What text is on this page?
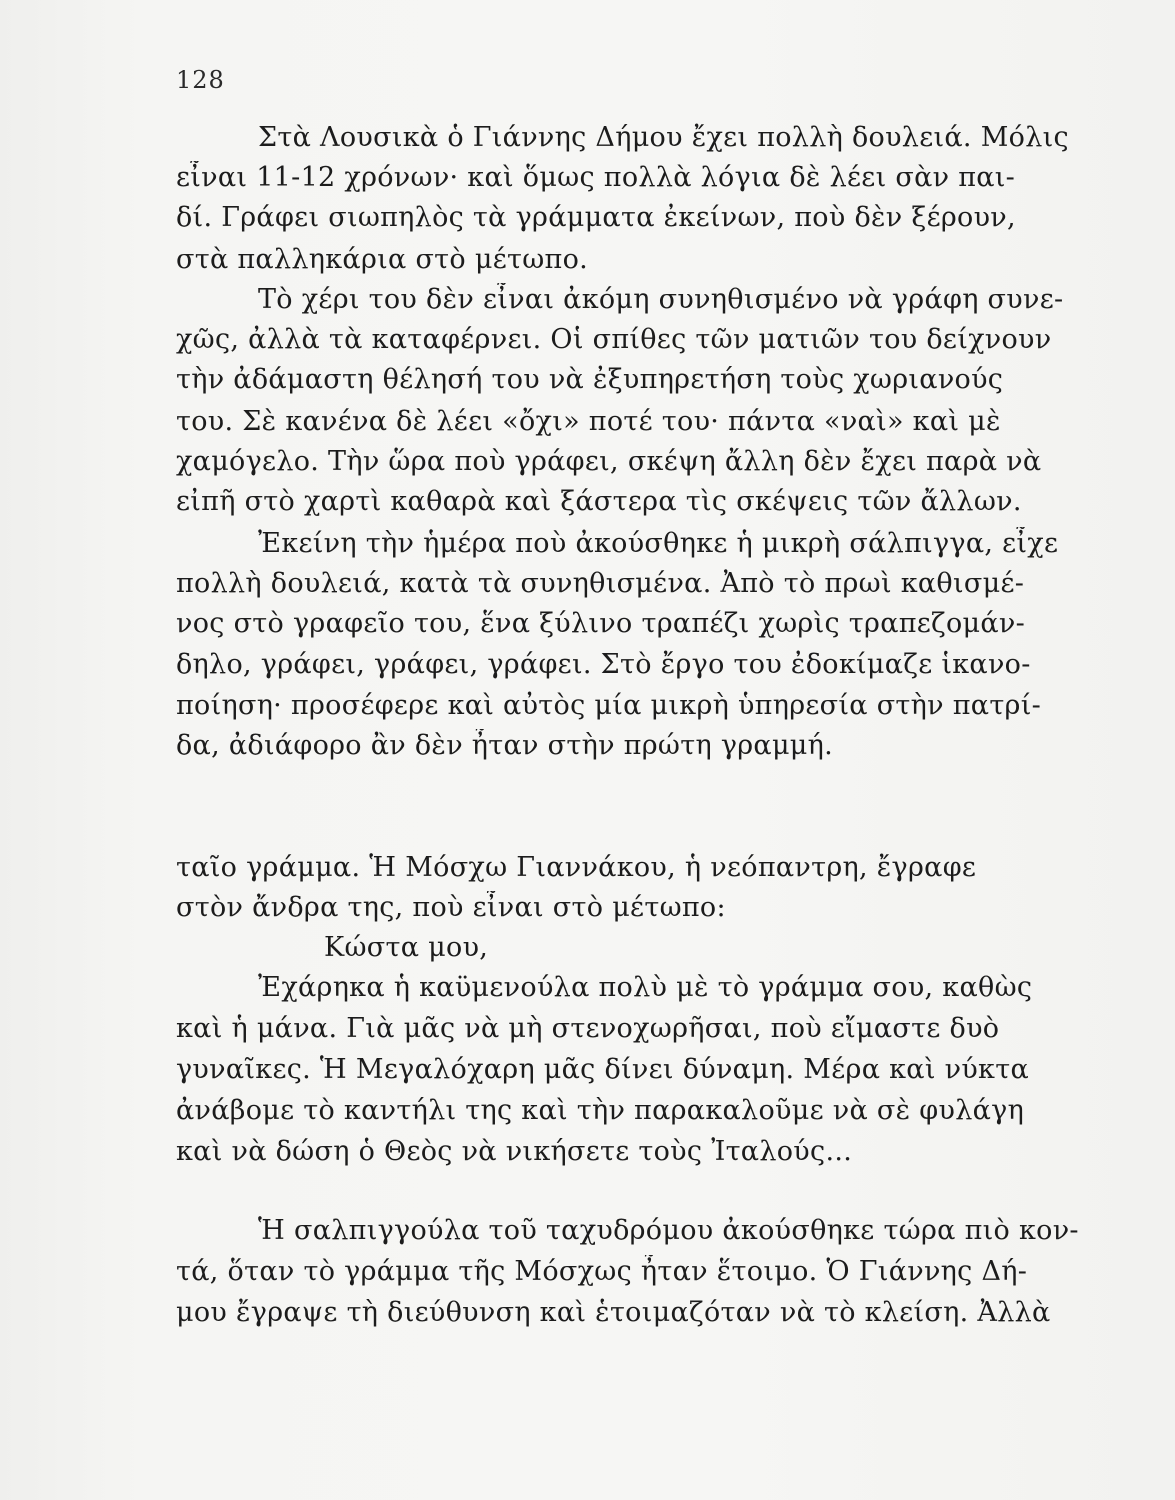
128
Στὰ Λουσικὰ ὁ Γιάννης Δήμου ἔχει πολλὴ δουλειά. Μόλις
εἶναι 11-12 χρόνων· καὶ ὅμως πολλὰ λόγια δὲ λέει σὰν παι-
δί. Γράφει σιωπηλὸς τὰ γράμματα ἐκείνων, ποὺ δὲν ξέρουν,
στὰ παλληκάρια στὸ μέτωπο.
Τὸ χέρι του δὲν εἶναι ἀκόμη συνηθισμένο νὰ γράφη συνε-
χῶς, ἀλλὰ τὰ καταφέρνει. Οἱ σπίθες τῶν ματιῶν του δείχνουν
τὴν ἀδάμαστη θέλησή του νὰ ἐξυπηρετήση τοὺς χωριανούς
του. Σὲ κανένα δὲ λέει «ὄχι» ποτέ του· πάντα «ναὶ» καὶ μὲ
χαμόγελο. Τὴν ὥρα ποὺ γράφει, σκέψη ἄλλη δὲν ἔχει παρὰ νὰ
εἰπῆ στὸ χαρτὶ καθαρὰ καὶ ξάστερα τὶς σκέψεις τῶν ἄλλων.
Ἐκείνη τὴν ἡμέρα ποὺ ἀκούσθηκε ἡ μικρὴ σάλπιγγα, εἶχε
πολλὴ δουλειά, κατὰ τὰ συνηθισμένα. Ἀπὸ τὸ πρωὶ καθισμέ-
νος στὸ γραφεῖο του, ἕνα ξύλινο τραπέζι χωρὶς τραπεζομάν-
δηλο, γράφει, γράφει, γράφει. Στὸ ἔργο του ἐδοκίμαζε ἱκανο-
ποίηση· προσέφερε καὶ αὐτὸς μία μικρὴ ὑπηρεσία στὴν πατρί-
δα, ἀδιάφορο ἂν δὲν ἦταν στὴν πρώτη γραμμή.

ταῖο γράμμα. Ἡ Μόσχω Γιαννάκου, ἡ νεόπαντρη, ἔγραφε
στὸν ἄνδρα της, ποὺ εἶναι στὸ μέτωπο:
Κώστα μου,
Ἐχάρηκα ἡ καϋμενούλα πολὺ μὲ τὸ γράμμα σου, καθὼς
καὶ ἡ μάνα. Γιὰ μᾶς νὰ μὴ στενοχωρῆσαι, ποὺ εἴμαστε δυὸ
γυναῖκες. Ἡ Μεγαλόχαρη μᾶς δίνει δύναμη. Μέρα καὶ νύκτα
ἀνάβομε τὸ καντήλι της καὶ τὴν παρακαλοῦμε νὰ σὲ φυλάγη
καὶ νὰ δώση ὁ Θεὸς νὰ νικήσετε τοὺς Ἰταλούς...
Ἡ σαλπιγγούλα τοῦ ταχυδρόμου ἀκούσθηκε τώρα πιὸ κον-
τά, ὅταν τὸ γράμμα τῆς Μόσχως ἦταν ἕτοιμο. Ὁ Γιάννης Δή-
μου ἔγραψε τὴ διεύθυνση καὶ ἑτοιμαζόταν νὰ τὸ κλείση. Ἀλλὰ
